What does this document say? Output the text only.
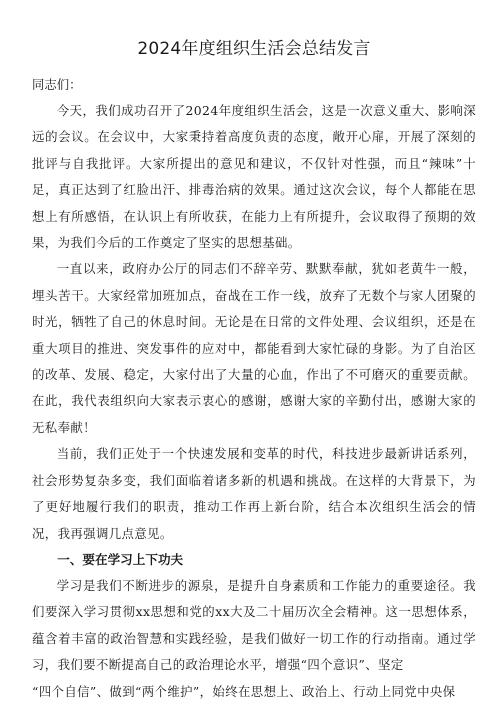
2024年度组织生活会总结发言

同志们：

今天，我们成功召开了2024年度组织生活会，这是一次意义重大、影响深远的会议。在会议中，大家秉持着高度负责的态度，敞开心扉，开展了深刻的批评与自我批评。大家所提出的意见和建议，不仅针对性强，而且“辣味”十足，真正达到了红脸出汗、排毒治病的效果。通过这次会议，每个人都能在思想上有所感悟，在认识上有所收获，在能力上有所提升，会议取得了预期的效果，为我们今后的工作奠定了坚实的思想基础。

一直以来，政府办公厅的同志们不辞辛劳、默默奉献，犹如老黄牛一般，埋头苦干。大家经常加班加点，奋战在工作一线，放弃了无数个与家人团聚的时光，牺牲了自己的休息时间。无论是在日常的文件处理、会议组织，还是在重大项目的推进、突发事件的应对中，都能看到大家忙碌的身影。为了自治区的改革、发展、稳定，大家付出了大量的心血，作出了不可磨灭的重要贡献。在此，我代表组织向大家表示衷心的感谢，感谢大家的辛勤付出，感谢大家的无私奉献！

当前，我们正处于一个快速发展和变革的时代，科技进步最新讲话系列，社会形势复杂多变，我们面临着诸多新的机遇和挑战。在这样的大背景下，为了更好地履行我们的职责，推动工作再上新台阶，结合本次组织生活会的情况，我再强调几点意见。

一、要在学习上下功夫

学习是我们不断进步的源泉，是提升自身素质和工作能力的重要途径。我们要深入学习贯彻xx思想和党的xx大及二十届历次全会精神。这一思想体系，蕴含着丰富的政治智慧和实践经验，是我们做好一切工作的行动指南。通过学习，我们要不断提高自己的政治理论水平，增强“四个意识”、坚定

“四个自信”、做到“两个维护”，始终在思想上、政治上、行动上同党中央保
